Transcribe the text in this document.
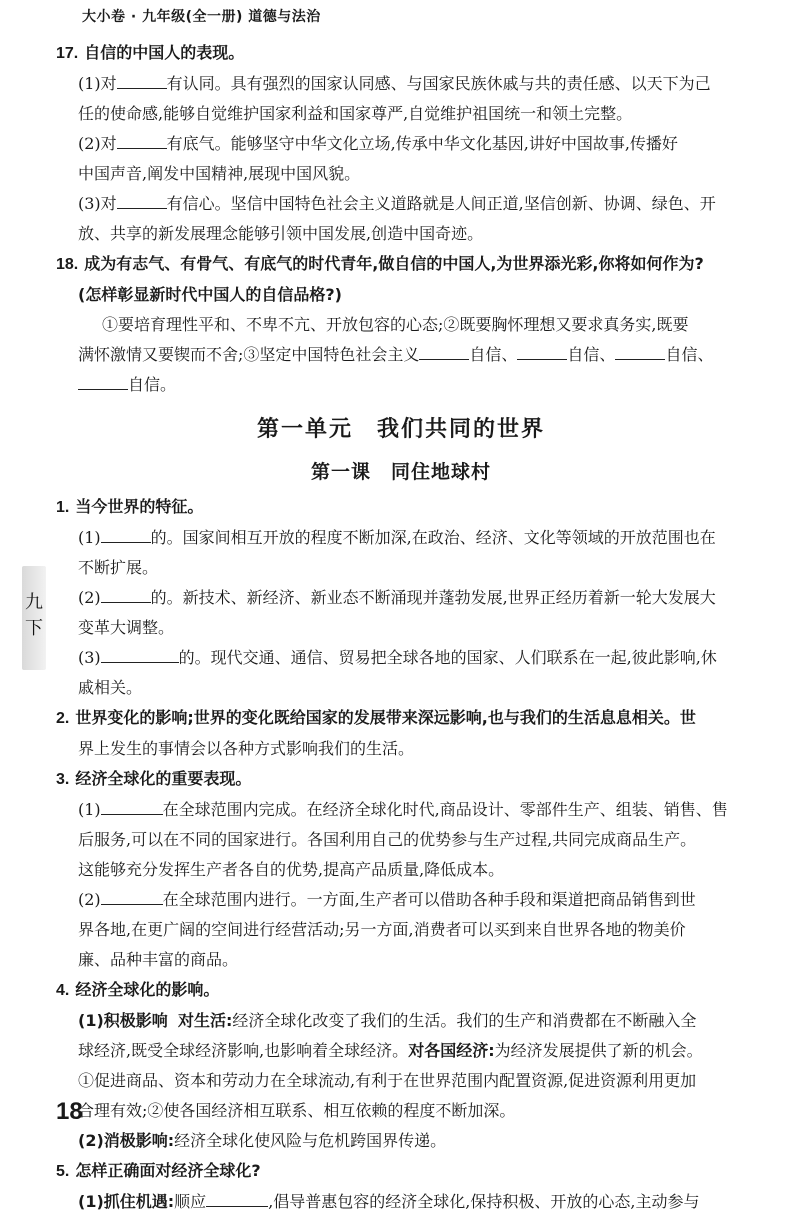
大小卷 · 九年级(全一册) 道德与法治
九
下

17. 自信的中国人的表现。

(1)对	有认同。具有强烈的国家认同感、与国家民族休戚与共的责任感、以天下为己

任的使命感,能够自觉维护国家利益和国家尊严,自觉维护祖国统一和领土完整。

(2)对	有底气。能够坚守中华文化立场,传承中华文化基因,讲好中国故事,传播好

中国声音,阐发中国精神,展现中国风貌。

(3)对	有信心。坚信中国特色社会主义道路就是人间正道,坚信创新、协调、绿色、开

放、共享的新发展理念能够引领中国发展,创造中国奇迹。

18. 成为有志气、有骨气、有底气的时代青年,做自信的中国人,为世界添光彩,你将如何作为?

(怎样彰显新时代中国人的自信品格?)

①要培育理性平和、不卑不亢、开放包容的心态;②既要胸怀理想又要求真务实,既要

满怀激情又要锲而不舍;③坚定中国特色社会主义	自信、	自信、	自信、

自信。

第一单元　我们共同的世界

第一课　同住地球村

1. 当今世界的特征。

(1)	的。国家间相互开放的程度不断加深,在政治、经济、文化等领域的开放范围也在

不断扩展。

(2)	的。新技术、新经济、新业态不断涌现并蓬勃发展,世界正经历着新一轮大发展大

变革大调整。

(3)	的。现代交通、通信、贸易把全球各地的国家、人们联系在一起,彼此影响,休

戚相关。

2. 世界变化的影响;世界的变化既给国家的发展带来深远影响,也与我们的生活息息相关。世

界上发生的事情会以各种方式影响我们的生活。

3. 经济全球化的重要表现。

(1)	在全球范围内完成。在经济全球化时代,商品设计、零部件生产、组装、销售、售

后服务,可以在不同的国家进行。各国利用自己的优势参与生产过程,共同完成商品生产。

这能够充分发挥生产者各自的优势,提高产品质量,降低成本。

(2)	在全球范围内进行。一方面,生产者可以借助各种手段和渠道把商品销售到世

界各地,在更广阔的空间进行经营活动;另一方面,消费者可以买到来自世界各地的物美价

廉、品种丰富的商品。

4. 经济全球化的影响。

(1)积极影响 对生活:经济全球化改变了我们的生活。我们的生产和消费都在不断融入全

球经济,既受全球经济影响,也影响着全球经济。对各国经济:为经济发展提供了新的机会。

①促进商品、资本和劳动力在全球流动,有利于在世界范围内配置资源,促进资源利用更加

合理有效;②使各国经济相互联系、相互依赖的程度不断加深。

(2)消极影响:经济全球化使风险与危机跨国界传递。

5. 怎样正确面对经济全球化?

(1)抓住机遇:顺应	,倡导普惠包容的经济全球化,保持积极、开放的心态,主动参与

18
